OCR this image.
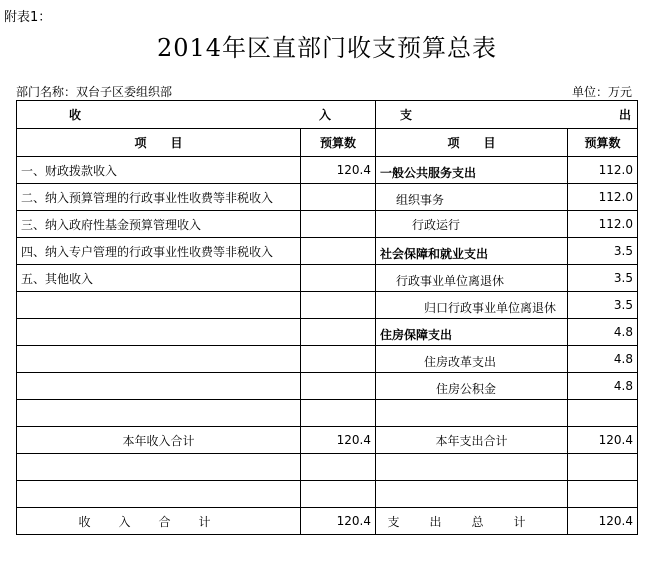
附表1：
2014年区直部门收支预算总表
部门名称：双台子区委组织部	单位：万元
收 入		支 出	

项　　目	预算数	项　　目	预算数
一、财政拨款收入	120.4	一般公共服务支出	112.0
二、纳入预算管理的行政事业性收费等非税收入		组织事务	112.0
三、纳入政府性基金预算管理收入		行政运行	112.0
四、纳入专户管理的行政事业性收费等非税收入		社会保障和就业支出	3.5
五、其他收入		行政事业单位离退休	3.5
		归口行政事业单位离退休	3.5
		住房保障支出	4.8
		住房改革支出	4.8
		住房公积金	4.8

本年收入合计	120.4	本年支出合计	120.4

收入合计	120.4	支出总计	120.4
